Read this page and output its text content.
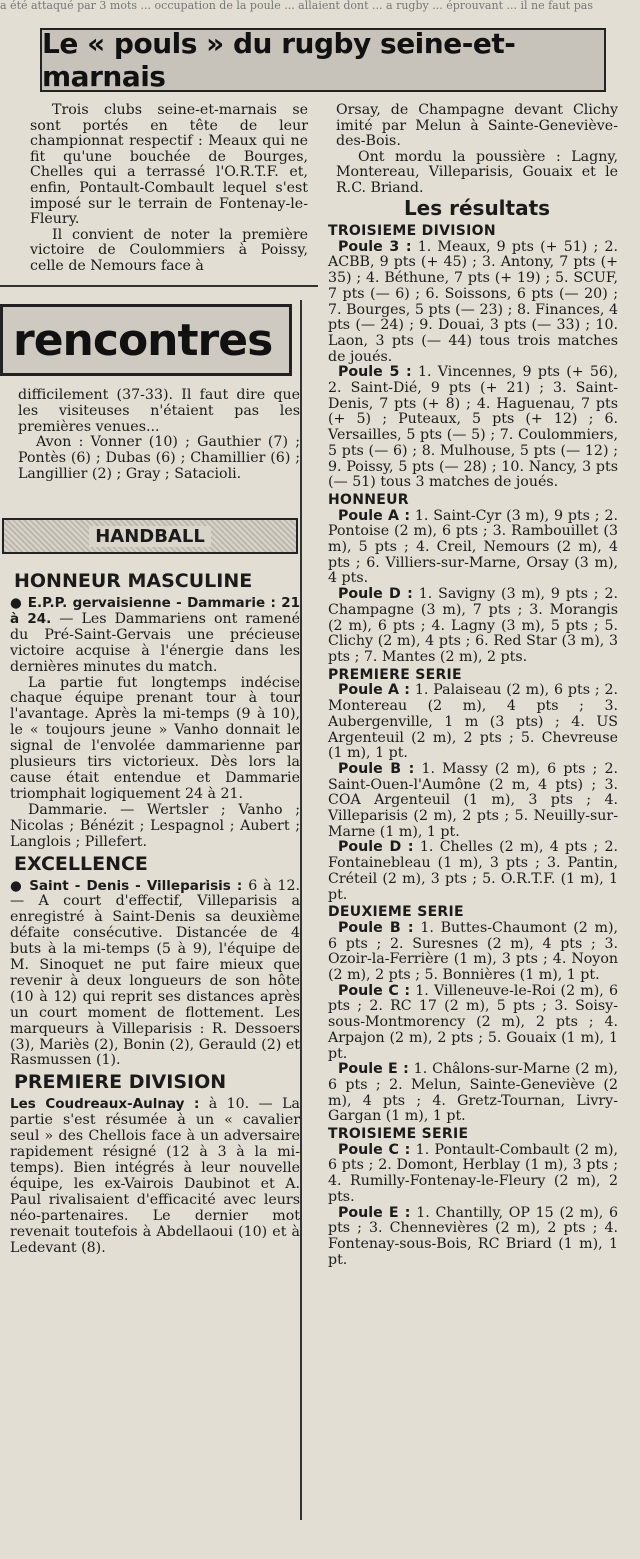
a été attaqué par 3 mots ... occupation de la poule ... allaient dont ... a rugby ... éprouvant ... il ne faut pas
Le « pouls » du rugby seine-et-marnais

Trois clubs seine-et-marnais se sont portés en tête de leur championnat respectif : Meaux qui ne fit qu'une bouchée de Bourges, Chelles qui a terrassé l'O.R.T.F. et, enfin, Pontault-Combault lequel s'est imposé sur le terrain de Fontenay-le-Fleury.

Il convient de noter la première victoire de Coulommiers à Poissy, celle de Nemours face à

Orsay, de Champagne devant Clichy imité par Melun à Sainte-Geneviève-des-Bois.

Ont mordu la poussière : Lagny, Montereau, Villeparisis, Gouaix et le R.C. Briand.

Les résultats
TROISIEME DIVISION
Poule 3 : 1. Meaux, 9 pts (+ 51) ; 2. ACBB, 9 pts (+ 45) ; 3. Antony, 7 pts (+ 35) ; 4. Béthune, 7 pts (+ 19) ; 5. SCUF, 7 pts (— 6) ; 6. Soissons, 6 pts (— 20) ; 7. Bourges, 5 pts (— 23) ; 8. Finances, 4 pts (— 24) ; 9. Douai, 3 pts (— 33) ; 10. Laon, 3 pts (— 44) tous trois matches de joués.
Poule 5 : 1. Vincennes, 9 pts (+ 56), 2. Saint-Dié, 9 pts (+ 21) ; 3. Saint-Denis, 7 pts (+ 8) ; 4. Haguenau, 7 pts (+ 5) ; Puteaux, 5 pts (+ 12) ; 6. Versailles, 5 pts (— 5) ; 7. Coulommiers, 5 pts (— 6) ; 8. Mulhouse, 5 pts (— 12) ; 9. Poissy, 5 pts (— 28) ; 10. Nancy, 3 pts (— 51) tous 3 matches de joués.
HONNEUR
Poule A : 1. Saint-Cyr (3 m), 9 pts ; 2. Pontoise (2 m), 6 pts ; 3. Rambouillet (3 m), 5 pts ; 4. Creil, Nemours (2 m), 4 pts ; 6. Villiers-sur-Marne, Orsay (3 m), 4 pts.
Poule D : 1. Savigny (3 m), 9 pts ; 2. Champagne (3 m), 7 pts ; 3. Morangis (2 m), 6 pts ; 4. Lagny (3 m), 5 pts ; 5. Clichy (2 m), 4 pts ; 6. Red Star (3 m), 3 pts ; 7. Mantes (2 m), 2 pts.
PREMIERE SERIE
Poule A : 1. Palaiseau (2 m), 6 pts ; 2. Montereau (2 m), 4 pts ; 3. Aubergenville, 1 m (3 pts) ; 4. US Argenteuil (2 m), 2 pts ; 5. Chevreuse (1 m), 1 pt.
Poule B : 1. Massy (2 m), 6 pts ; 2. Saint-Ouen-l'Aumône (2 m, 4 pts) ; 3. COA Argenteuil (1 m), 3 pts ; 4. Villeparisis (2 m), 2 pts ; 5. Neuilly-sur-Marne (1 m), 1 pt.
Poule D : 1. Chelles (2 m), 4 pts ; 2. Fontainebleau (1 m), 3 pts ; 3. Pantin, Créteil (2 m), 3 pts ; 5. O.R.T.F. (1 m), 1 pt.
DEUXIEME SERIE
Poule B : 1. Buttes-Chaumont (2 m), 6 pts ; 2. Suresnes (2 m), 4 pts ; 3. Ozoir-la-Ferrière (1 m), 3 pts ; 4. Noyon (2 m), 2 pts ; 5. Bonnières (1 m), 1 pt.
Poule C : 1. Villeneuve-le-Roi (2 m), 6 pts ; 2. RC 17 (2 m), 5 pts ; 3. Soisy-sous-Montmorency (2 m), 2 pts ; 4. Arpajon (2 m), 2 pts ; 5. Gouaix (1 m), 1 pt.
Poule E : 1. Châlons-sur-Marne (2 m), 6 pts ; 2. Melun, Sainte-Geneviève (2 m), 4 pts ; 4. Gretz-Tournan, Livry-Gargan (1 m), 1 pt.
TROISIEME SERIE
Poule C : 1. Pontault-Combault (2 m), 6 pts ; 2. Domont, Herblay (1 m), 3 pts ; 4. Rumilly-Fontenay-le-Fleury (2 m), 2 pts.
Poule E : 1. Chantilly, OP 15 (2 m), 6 pts ; 3. Chennevières (2 m), 2 pts ; 4. Fontenay-sous-Bois, RC Briard (1 m), 1 pt.
rencontres

difficilement (37-33). Il faut dire que les visiteuses n'étaient pas les premières venues...

Avon : Vonner (10) ; Gauthier (7) ; Pontès (6) ; Dubas (6) ; Chamillier (6) ; Langillier (2) ; Gray ; Satacioli.

HANDBALL
HONNEUR MASCULINE

● E.P.P. gervaisienne - Dammarie : 21 à 24. — Les Dammariens ont ramené du Pré-Saint-Gervais une précieuse victoire acquise à l'énergie dans les dernières minutes du match.

La partie fut longtemps indécise chaque équipe prenant tour à tour l'avantage. Après la mi-temps (9 à 10), le « toujours jeune » Vanho donnait le signal de l'envolée dammarienne par plusieurs tirs victorieux. Dès lors la cause était entendue et Dammarie triomphait logiquement 24 à 21.

Dammarie. — Wertsler ; Vanho ; Nicolas ; Bénézit ; Lespagnol ; Aubert ; Langlois ; Pillefert.

EXCELLENCE

● Saint - Denis - Villeparisis : 6 à 12. — A court d'effectif, Villeparisis a enregistré à Saint-Denis sa deuxième défaite consécutive. Distancée de 4 buts à la mi-temps (5 à 9), l'équipe de M. Sinoquet ne put faire mieux que revenir à deux longueurs de son hôte (10 à 12) qui reprit ses distances après un court moment de flottement. Les marqueurs à Villeparisis : R. Dessoers (3), Mariès (2), Bonin (2), Gerauld (2) et Rasmussen (1).

PREMIERE DIVISION

Les Coudreaux-Aulnay : à 10. — La partie s'est résumée à un « cavalier seul » des Chellois face à un adversaire rapidement résigné (12 à 3 à la mi-temps). Bien intégrés à leur nouvelle équipe, les ex-Vairois Daubinot et A. Paul rivalisaient d'efficacité avec leurs néo-partenaires. Le dernier mot revenait toutefois à Abdellaoui (10) et à Ledevant (8).
